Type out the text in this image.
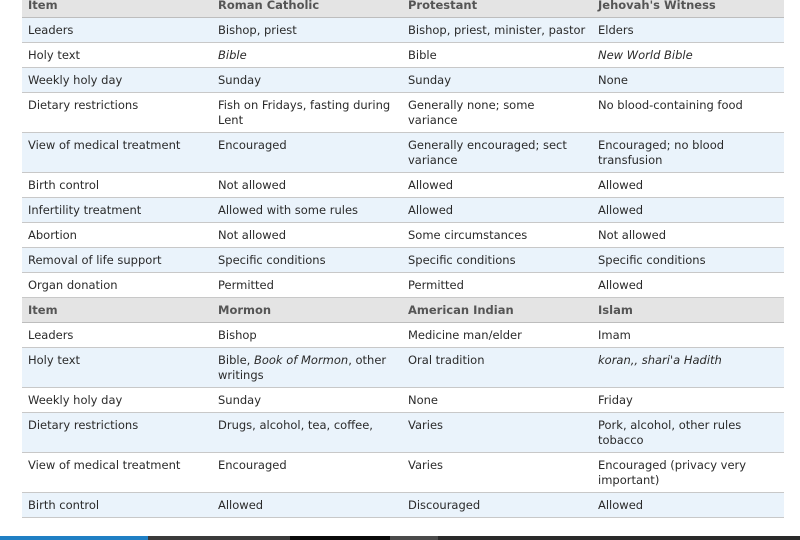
Item	Roman Catholic	Protestant	Jehovah's Witness
Leaders	Bishop, priest	Bishop, priest, minister, pastor	Elders
Holy text	Bible	Bible	New World Bible
Weekly holy day	Sunday	Sunday	None
Dietary restrictions	Fish on Fridays, fasting during Lent	Generally none; some variance	No blood-containing food
View of medical treatment	Encouraged	Generally encouraged; sect variance	Encouraged; no blood transfusion
Birth control	Not allowed	Allowed	Allowed
Infertility treatment	Allowed with some rules	Allowed	Allowed
Abortion	Not allowed	Some circumstances	Not allowed
Removal of life support	Specific conditions	Specific conditions	Specific conditions
Organ donation	Permitted	Permitted	Allowed
Item	Mormon	American Indian	Islam
Leaders	Bishop	Medicine man/elder	Imam
Holy text	Bible, Book of Mormon, other writings	Oral tradition	koran,, shari'a Hadith
Weekly holy day	Sunday	None	Friday
Dietary restrictions	Drugs, alcohol, tea, coffee,	Varies	Pork, alcohol, other rules tobacco
View of medical treatment	Encouraged	Varies	Encouraged (privacy very important)
Birth control	Allowed	Discouraged	Allowed
